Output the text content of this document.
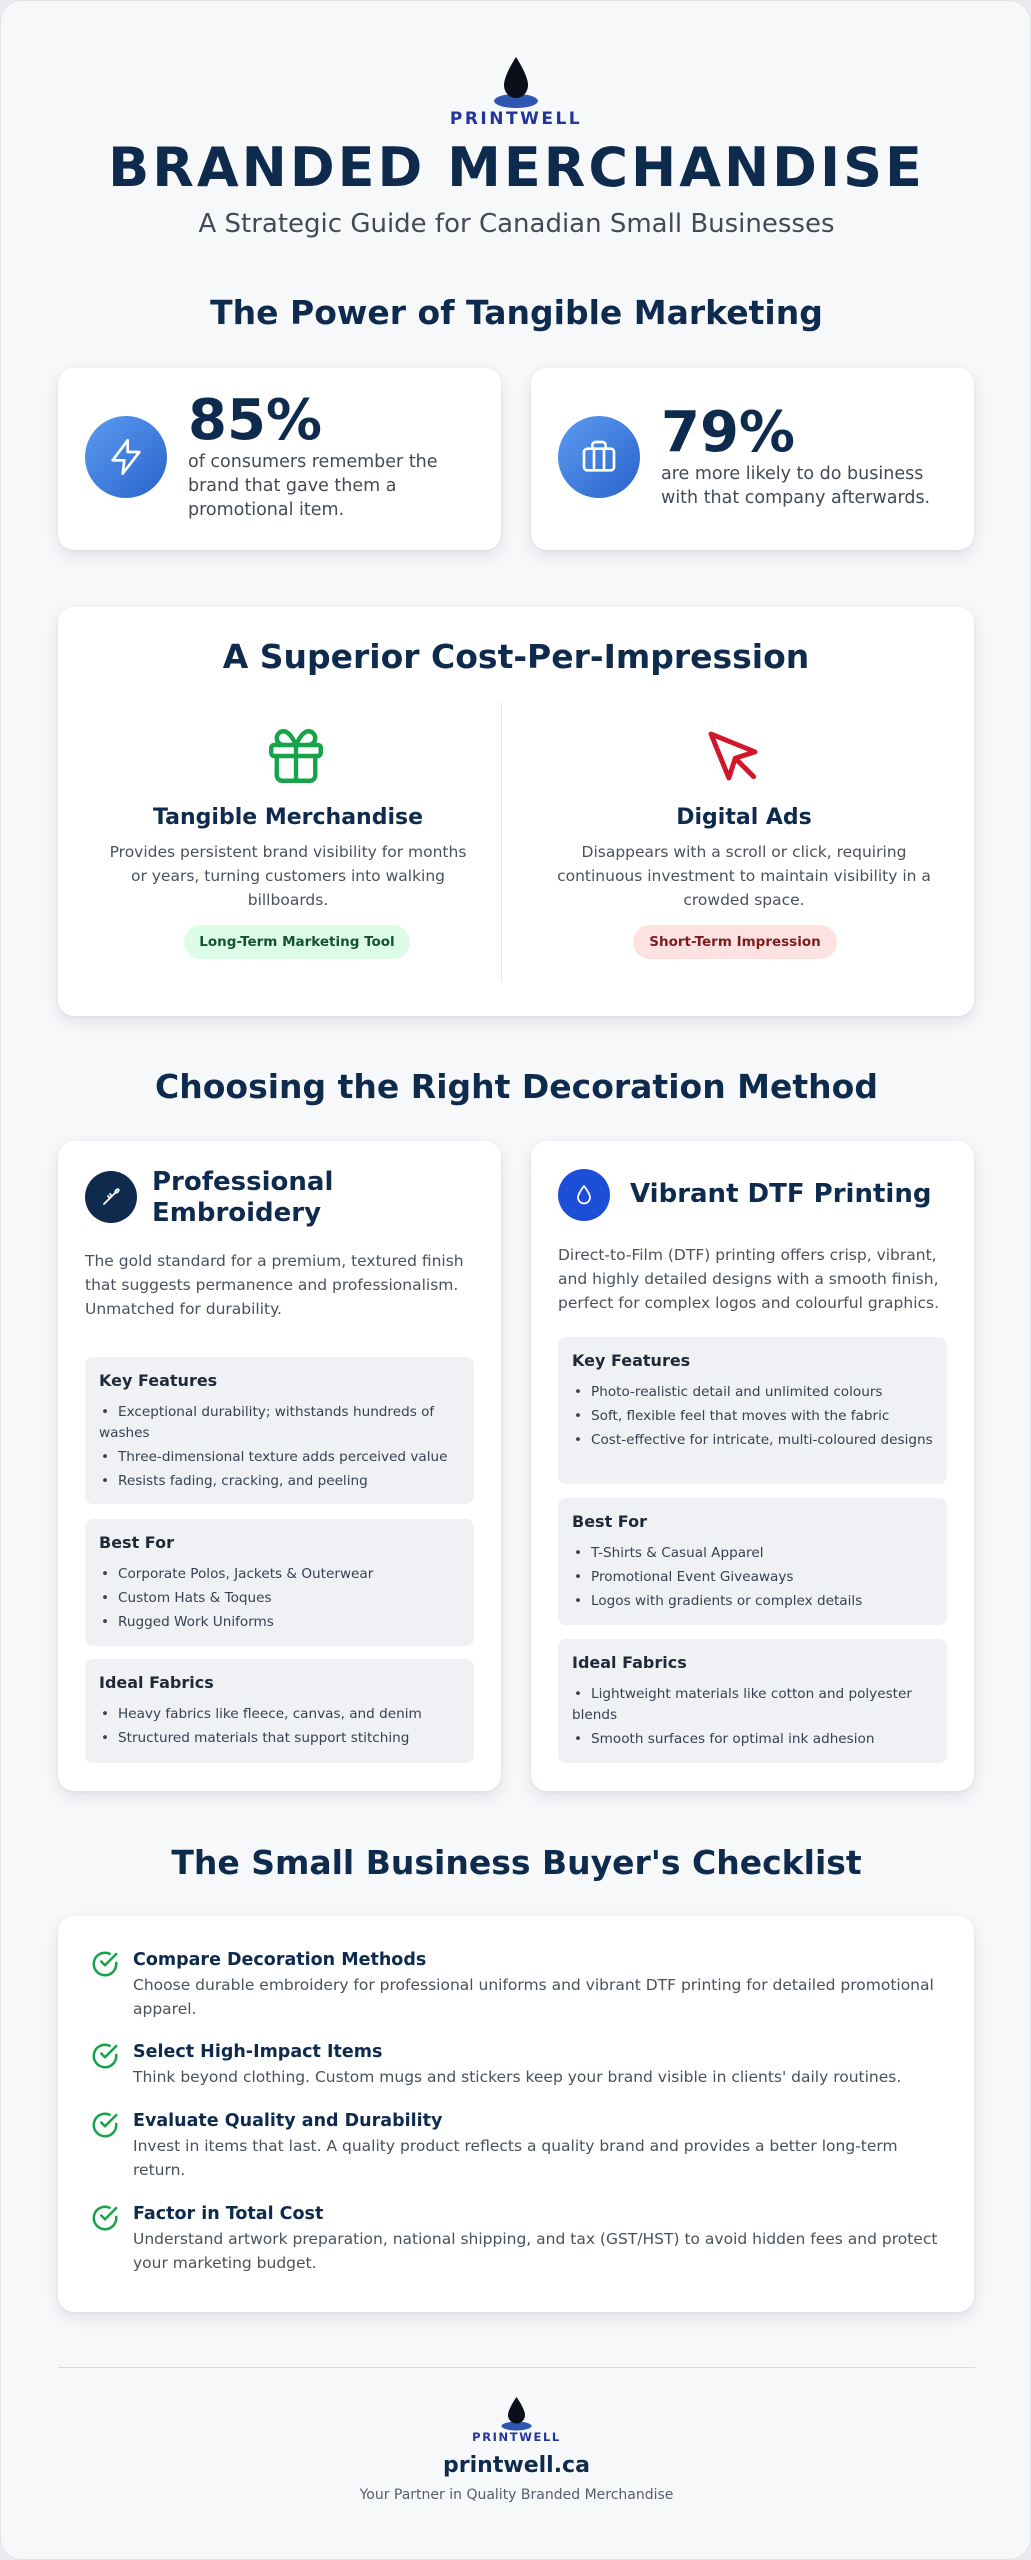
PRINTWELL
BRANDED MERCHANDISE
A Strategic Guide for Canadian Small Businesses
The Power of Tangible Marketing
85%
of consumers remember the brand that gave them a promotional item.
79%
are more likely to do business with that company afterwards.
A Superior Cost-Per-Impression
Tangible Merchandise
Provides persistent brand visibility for months or years, turning customers into walking billboards.
Long-Term Marketing Tool
Digital Ads
Disappears with a scroll or click, requiring continuous investment to maintain visibility in a crowded space.
Short-Term Impression
Choosing the Right Decoration Method
Professional Embroidery
The gold standard for a premium, textured finish that suggests permanence and professionalism. Unmatched for durability.
Key Features
• Exceptional durability; withstands hundreds of washes
• Three-dimensional texture adds perceived value
• Resists fading, cracking, and peeling
Best For
• Corporate Polos, Jackets & Outerwear
• Custom Hats & Toques
• Rugged Work Uniforms
Ideal Fabrics
• Heavy fabrics like fleece, canvas, and denim
• Structured materials that support stitching
Vibrant DTF Printing
Direct-to-Film (DTF) printing offers crisp, vibrant, and highly detailed designs with a smooth finish, perfect for complex logos and colourful graphics.
Key Features
• Photo-realistic detail and unlimited colours
• Soft, flexible feel that moves with the fabric
• Cost-effective for intricate, multi-coloured designs
Best For
• T-Shirts & Casual Apparel
• Promotional Event Giveaways
• Logos with gradients or complex details
Ideal Fabrics
• Lightweight materials like cotton and polyester blends
• Smooth surfaces for optimal ink adhesion
The Small Business Buyer's Checklist
Compare Decoration Methods
Choose durable embroidery for professional uniforms and vibrant DTF printing for detailed promotional apparel.
Select High-Impact Items
Think beyond clothing. Custom mugs and stickers keep your brand visible in clients' daily routines.
Evaluate Quality and Durability
Invest in items that last. A quality product reflects a quality brand and provides a better long-term return.
Factor in Total Cost
Understand artwork preparation, national shipping, and tax (GST/HST) to avoid hidden fees and protect your marketing budget.
PRINTWELL
printwell.ca
Your Partner in Quality Branded Merchandise
